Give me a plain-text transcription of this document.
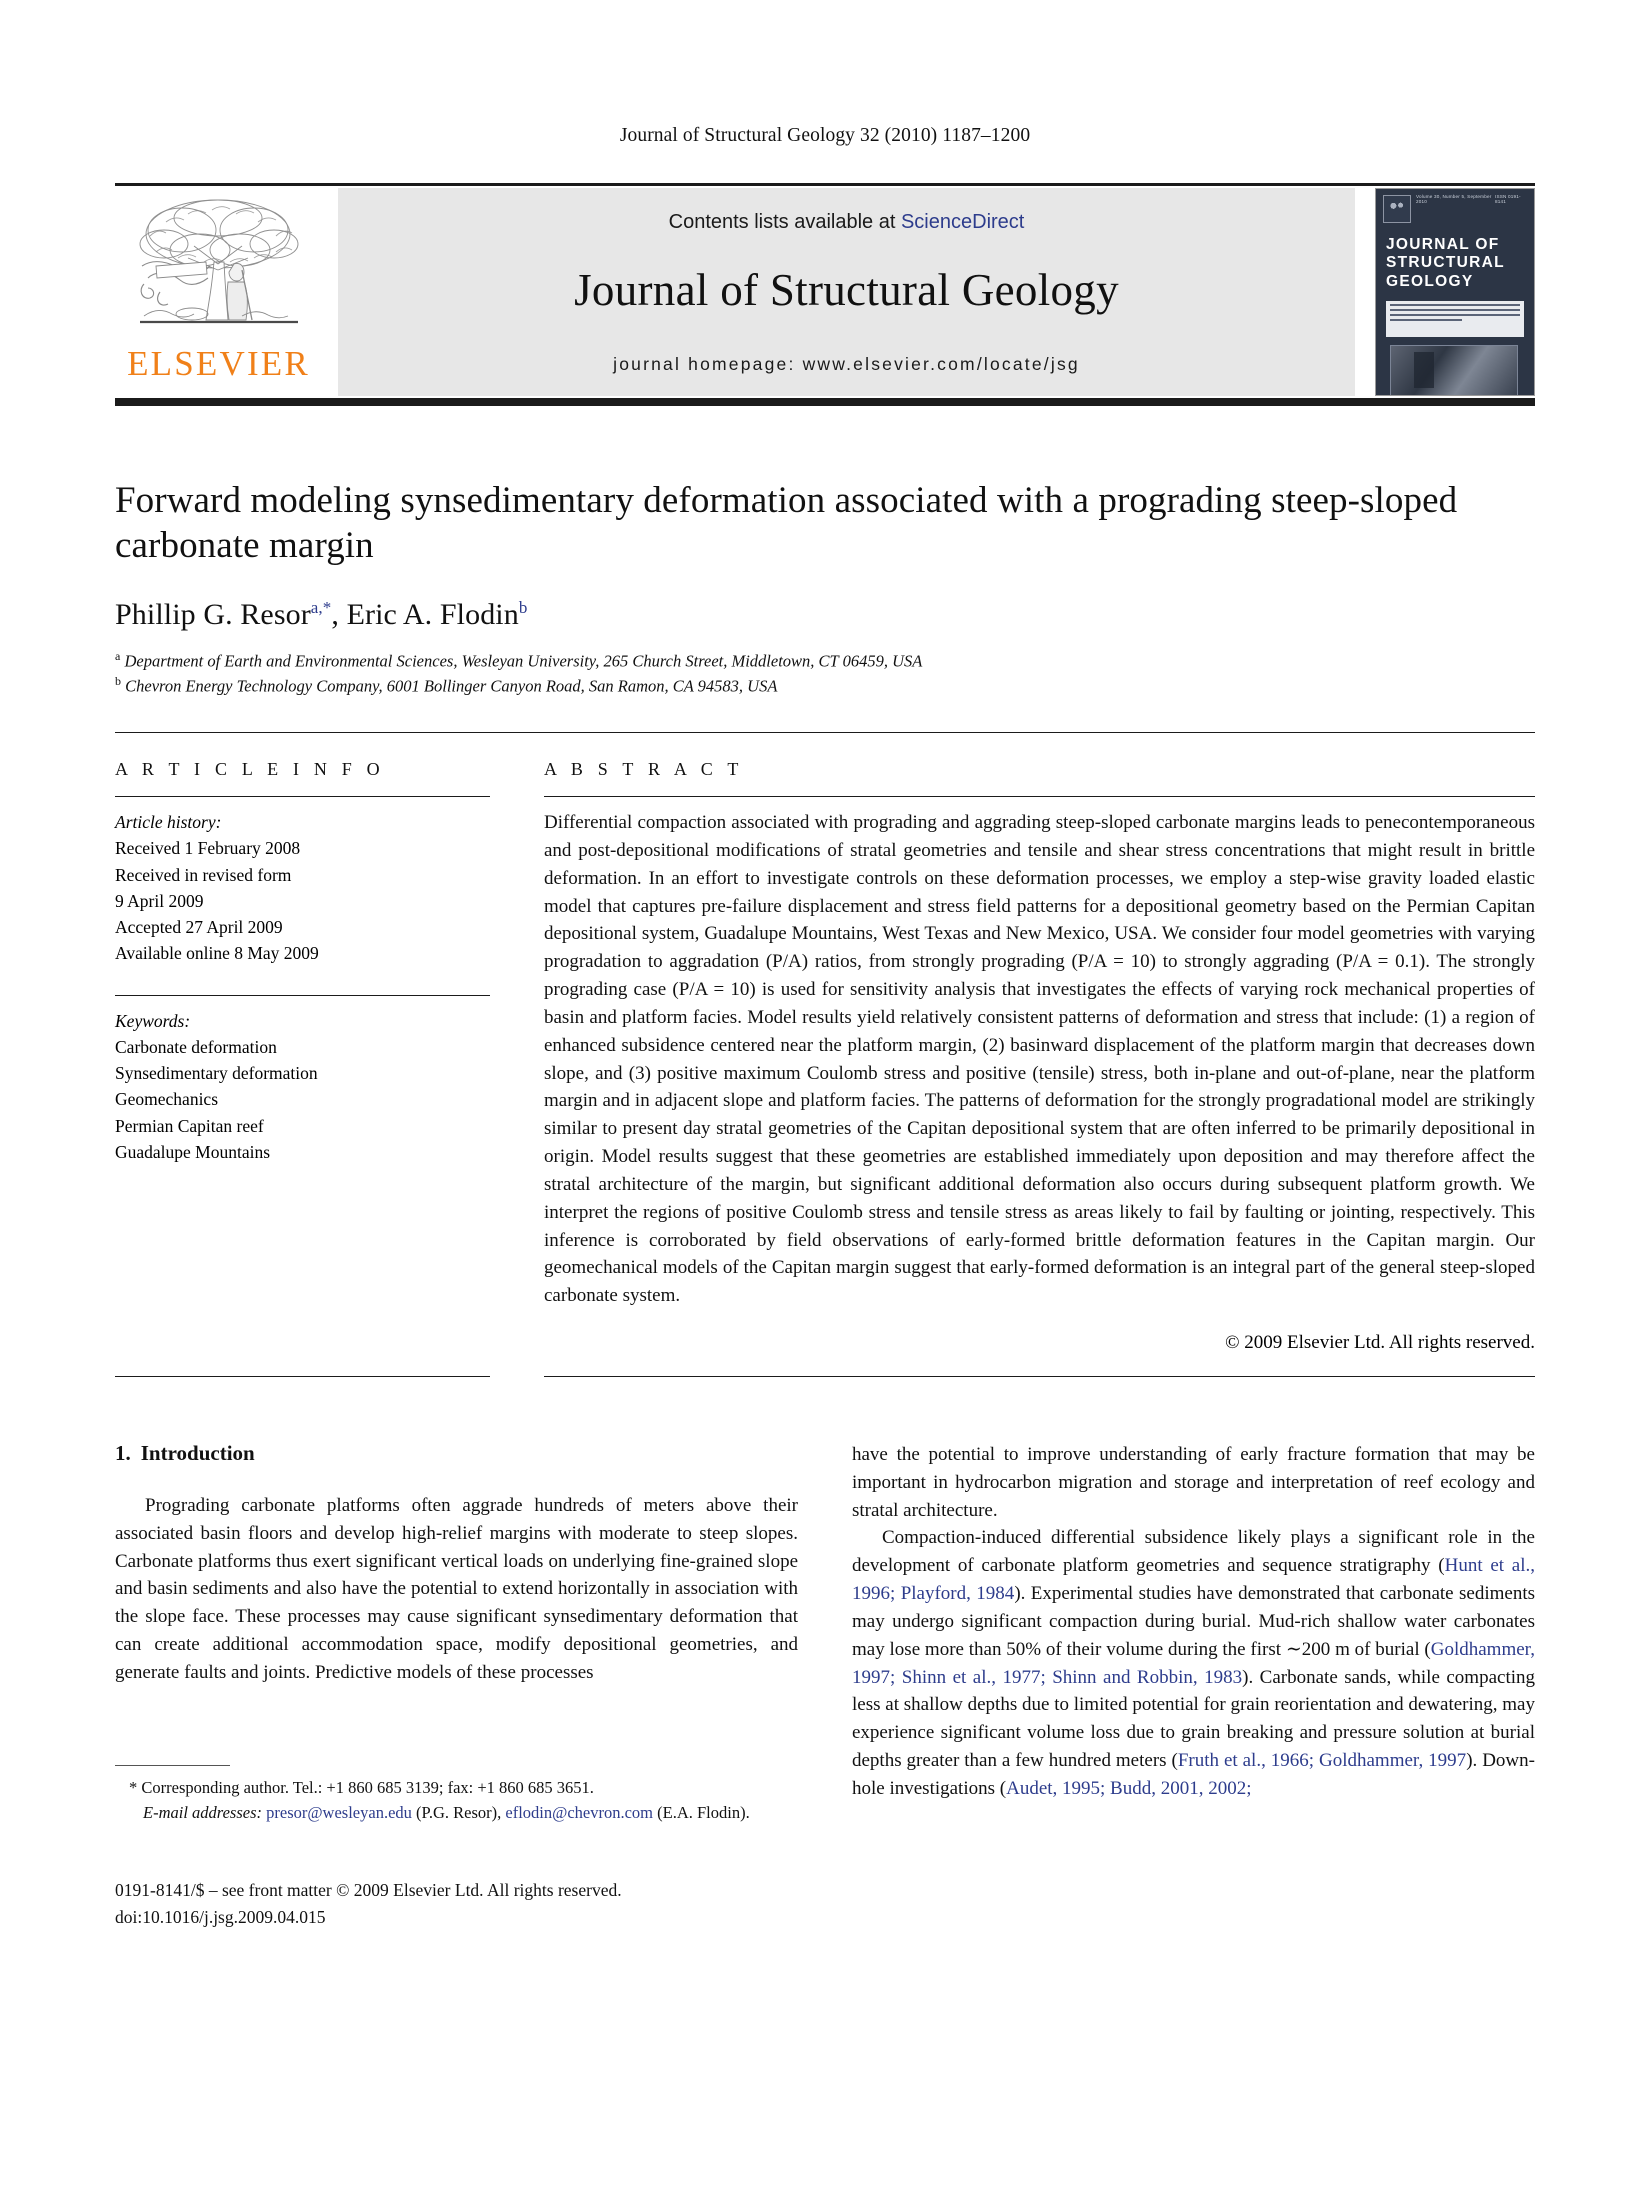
Journal of Structural Geology 32 (2010) 1187–1200
ELSEVIER
Contents lists available at ScienceDirect
Journal of Structural Geology
journal homepage: www.elsevier.com/locate/jsg
Volume 30, Number 5, September 2010
ISSN 0191-8141
JOURNAL OF
STRUCTURAL
GEOLOGY
Forward modeling synsedimentary deformation associated with a prograding steep-sloped carbonate margin
Phillip G. Resor$^{a,*}$, Eric A. Flodin$^b$
$^a$ Department of Earth and Environmental Sciences, Wesleyan University, 265 Church Street, Middletown, CT 06459, USA
$^b$ Chevron Energy Technology Company, 6001 Bollinger Canyon Road, San Ramon, CA 94583, USA
A R T I C L E I N F O
Article history:
Received 1 February 2008
Received in revised form
9 April 2009
Accepted 27 April 2009
Available online 8 May 2009
Keywords:
Carbonate deformation
Synsedimentary deformation
Geomechanics
Permian Capitan reef
Guadalupe Mountains
A B S T R A C T
Differential compaction associated with prograding and aggrading steep-sloped carbonate margins leads to penecontemporaneous and post-depositional modifications of stratal geometries and tensile and shear stress concentrations that might result in brittle deformation. In an effort to investigate controls on these deformation processes, we employ a step-wise gravity loaded elastic model that captures pre-failure displacement and stress field patterns for a depositional geometry based on the Permian Capitan depositional system, Guadalupe Mountains, West Texas and New Mexico, USA. We consider four model geometries with varying progradation to aggradation (P/A) ratios, from strongly prograding (P/A = 10) to strongly aggrading (P/A = 0.1). The strongly prograding case (P/A = 10) is used for sensitivity analysis that investigates the effects of varying rock mechanical properties of basin and platform facies. Model results yield relatively consistent patterns of deformation and stress that include: (1) a region of enhanced subsidence centered near the platform margin, (2) basinward displacement of the platform margin that decreases down slope, and (3) positive maximum Coulomb stress and positive (tensile) stress, both in-plane and out-of-plane, near the platform margin and in adjacent slope and platform facies. The patterns of deformation for the strongly progradational model are strikingly similar to present day stratal geometries of the Capitan depositional system that are often inferred to be primarily depositional in origin. Model results suggest that these geometries are established immediately upon deposition and may therefore affect the stratal architecture of the margin, but significant additional deformation also occurs during subsequent platform growth. We interpret the regions of positive Coulomb stress and tensile stress as areas likely to fail by faulting or jointing, respectively. This inference is corroborated by field observations of early-formed brittle deformation features in the Capitan margin. Our geomechanical models of the Capitan margin suggest that early-formed deformation is an integral part of the general steep-sloped carbonate system.
© 2009 Elsevier Ltd. All rights reserved.
1. Introduction

Prograding carbonate platforms often aggrade hundreds of meters above their associated basin floors and develop high-relief margins with moderate to steep slopes. Carbonate platforms thus exert significant vertical loads on underlying fine-grained slope and basin sediments and also have the potential to extend horizontally in association with the slope face. These processes may cause significant synsedimentary deformation that can create additional accommodation space, modify depositional geometries, and generate faults and joints. Predictive models of these processes

* Corresponding author. Tel.: +1 860 685 3139; fax: +1 860 685 3651.
E-mail addresses: presor@wesleyan.edu (P.G. Resor), eflodin@chevron.com (E.A. Flodin).
0191-8141/$ – see front matter © 2009 Elsevier Ltd. All rights reserved.
doi:10.1016/j.jsg.2009.04.015

have the potential to improve understanding of early fracture formation that may be important in hydrocarbon migration and storage and interpretation of reef ecology and stratal architecture.

Compaction-induced differential subsidence likely plays a significant role in the development of carbonate platform geometries and sequence stratigraphy (Hunt et al., 1996; Playford, 1984). Experimental studies have demonstrated that carbonate sediments may undergo significant compaction during burial. Mud-rich shallow water carbonates may lose more than 50% of their volume during the first ∼200 m of burial (Goldhammer, 1997; Shinn et al., 1977; Shinn and Robbin, 1983). Carbonate sands, while compacting less at shallow depths due to limited potential for grain reorientation and dewatering, may experience significant volume loss due to grain breaking and pressure solution at burial depths greater than a few hundred meters (Fruth et al., 1966; Goldhammer, 1997). Down-hole investigations (Audet, 1995; Budd, 2001, 2002;
